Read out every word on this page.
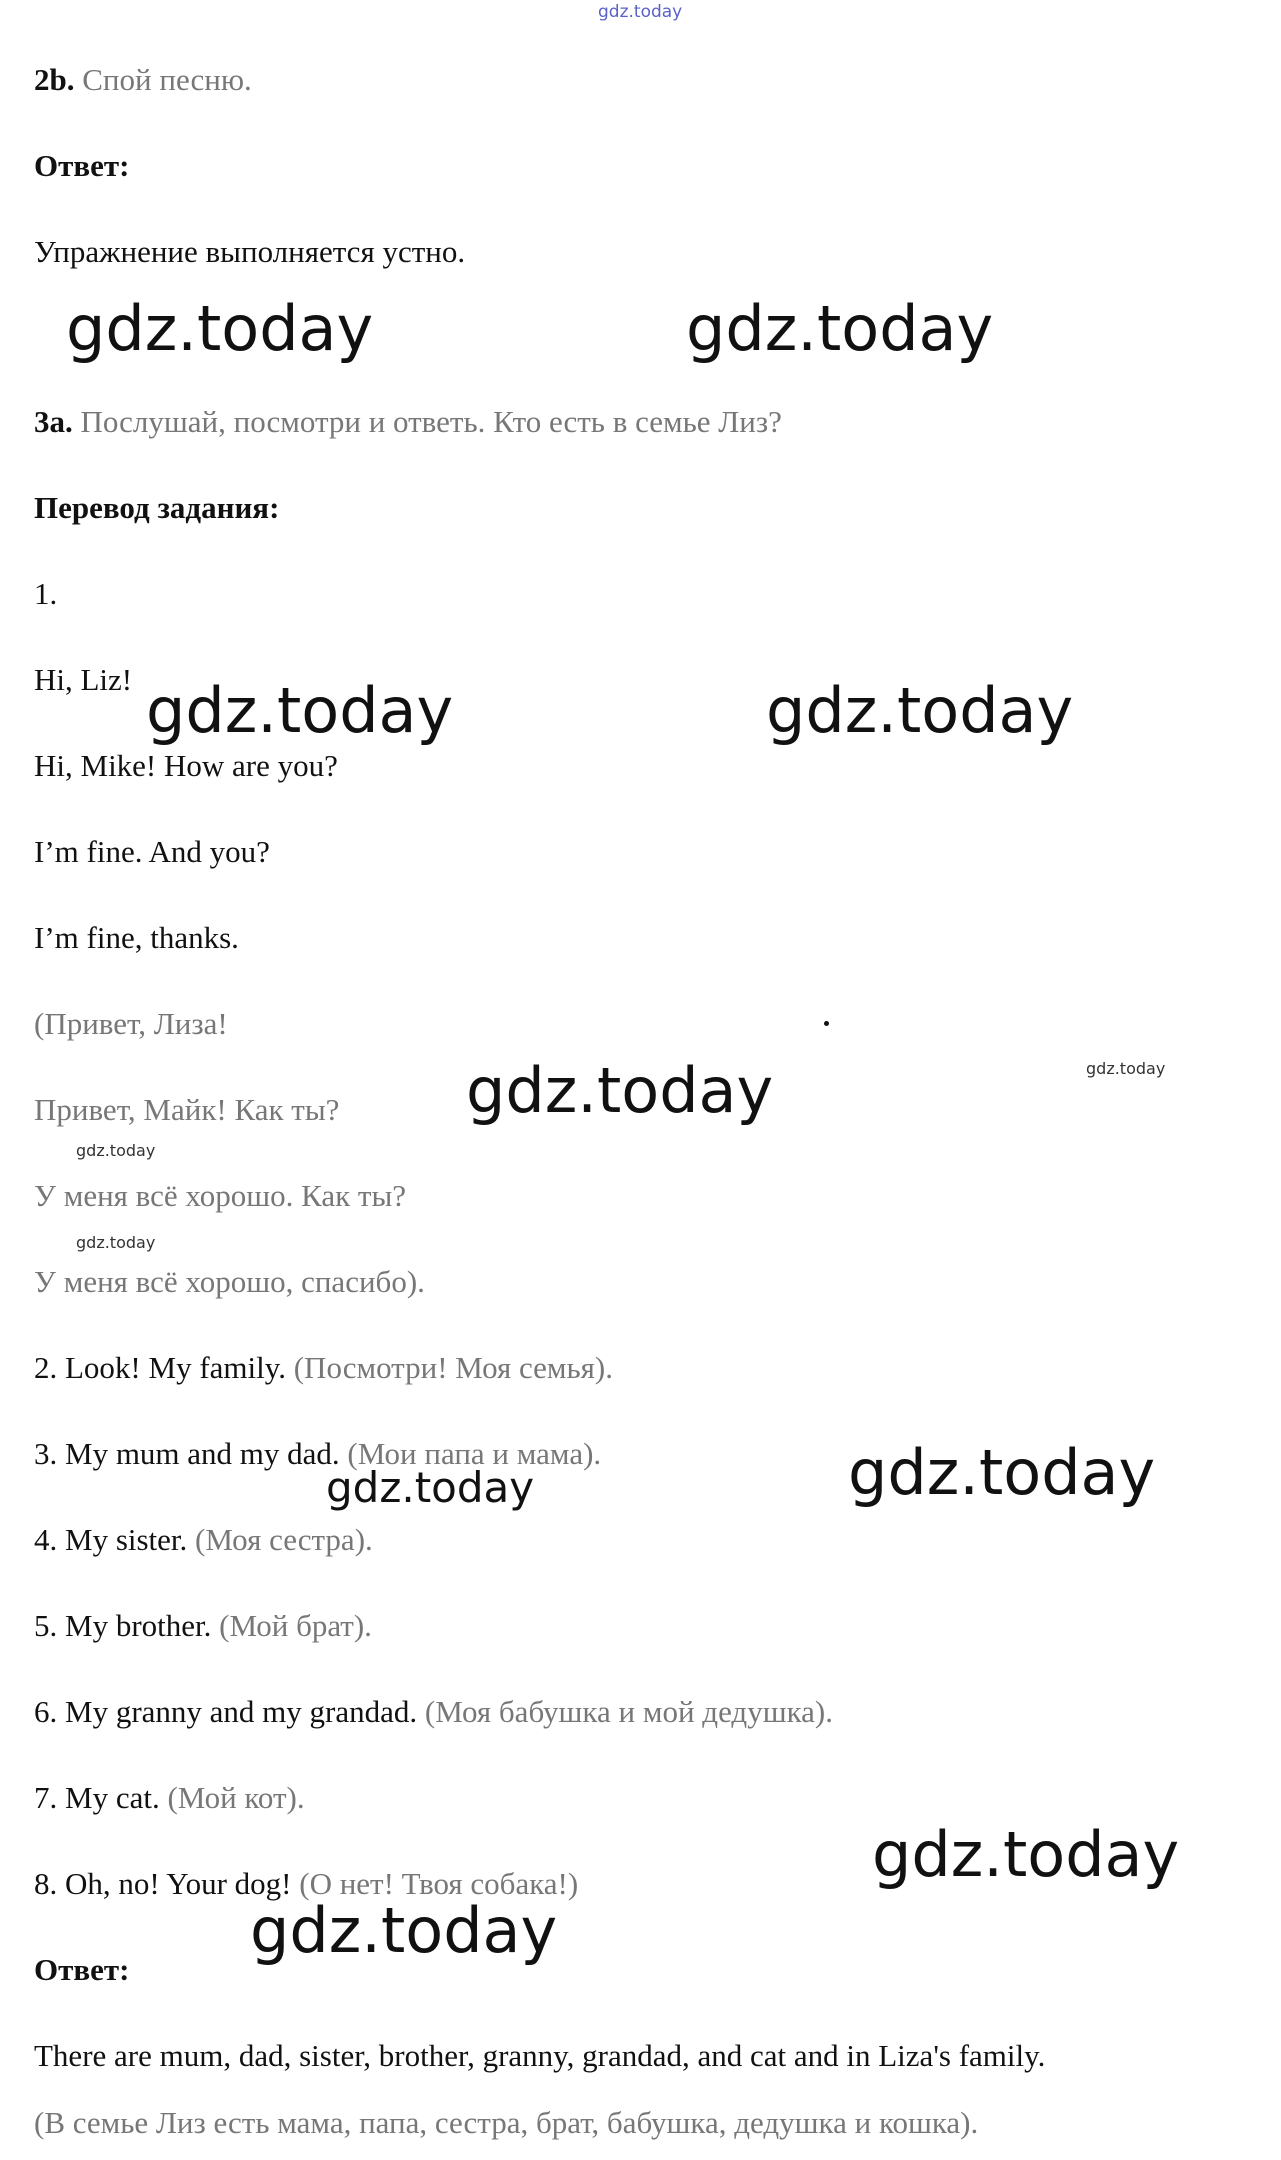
gdz.today
2b. Спой песню.
Ответ:
Упражнение выполняется устно.
gdz.today	gdz.today
3a. Послушай, посмотри и ответь. Кто есть в семье Лиз?
Перевод задания:
1.
Hi, Liz! gdz.today	gdz.today
Hi, Mike! How are you?
I’m fine. And you?
I’m fine, thanks.
(Привет, Лиза!
gdz.today
Привет, Майк! Как ты? gdz.today
gdz.today
У меня всё хорошо. Как ты?
gdz.today
У меня всё хорошо, спасибо).
2. Look! My family. (Посмотри! Моя семья).
3. My mum and my dad. (Мои папа и мама).	gdz.today
gdz.today
4. My sister. (Моя сестра).
5. My brother. (Мой брат).
6. My granny and my grandad. (Моя бабушка и мой дедушка).
7. My cat. (Мой кот).
gdz.today
8. Oh, no! Your dog! (О нет! Твоя собака!)
gdz.today
Ответ:
There are mum, dad, sister, brother, granny, grandad, and cat and in Liza's family.
(В семье Лиз есть мама, папа, сестра, брат, бабушка, дедушка и кошка).
